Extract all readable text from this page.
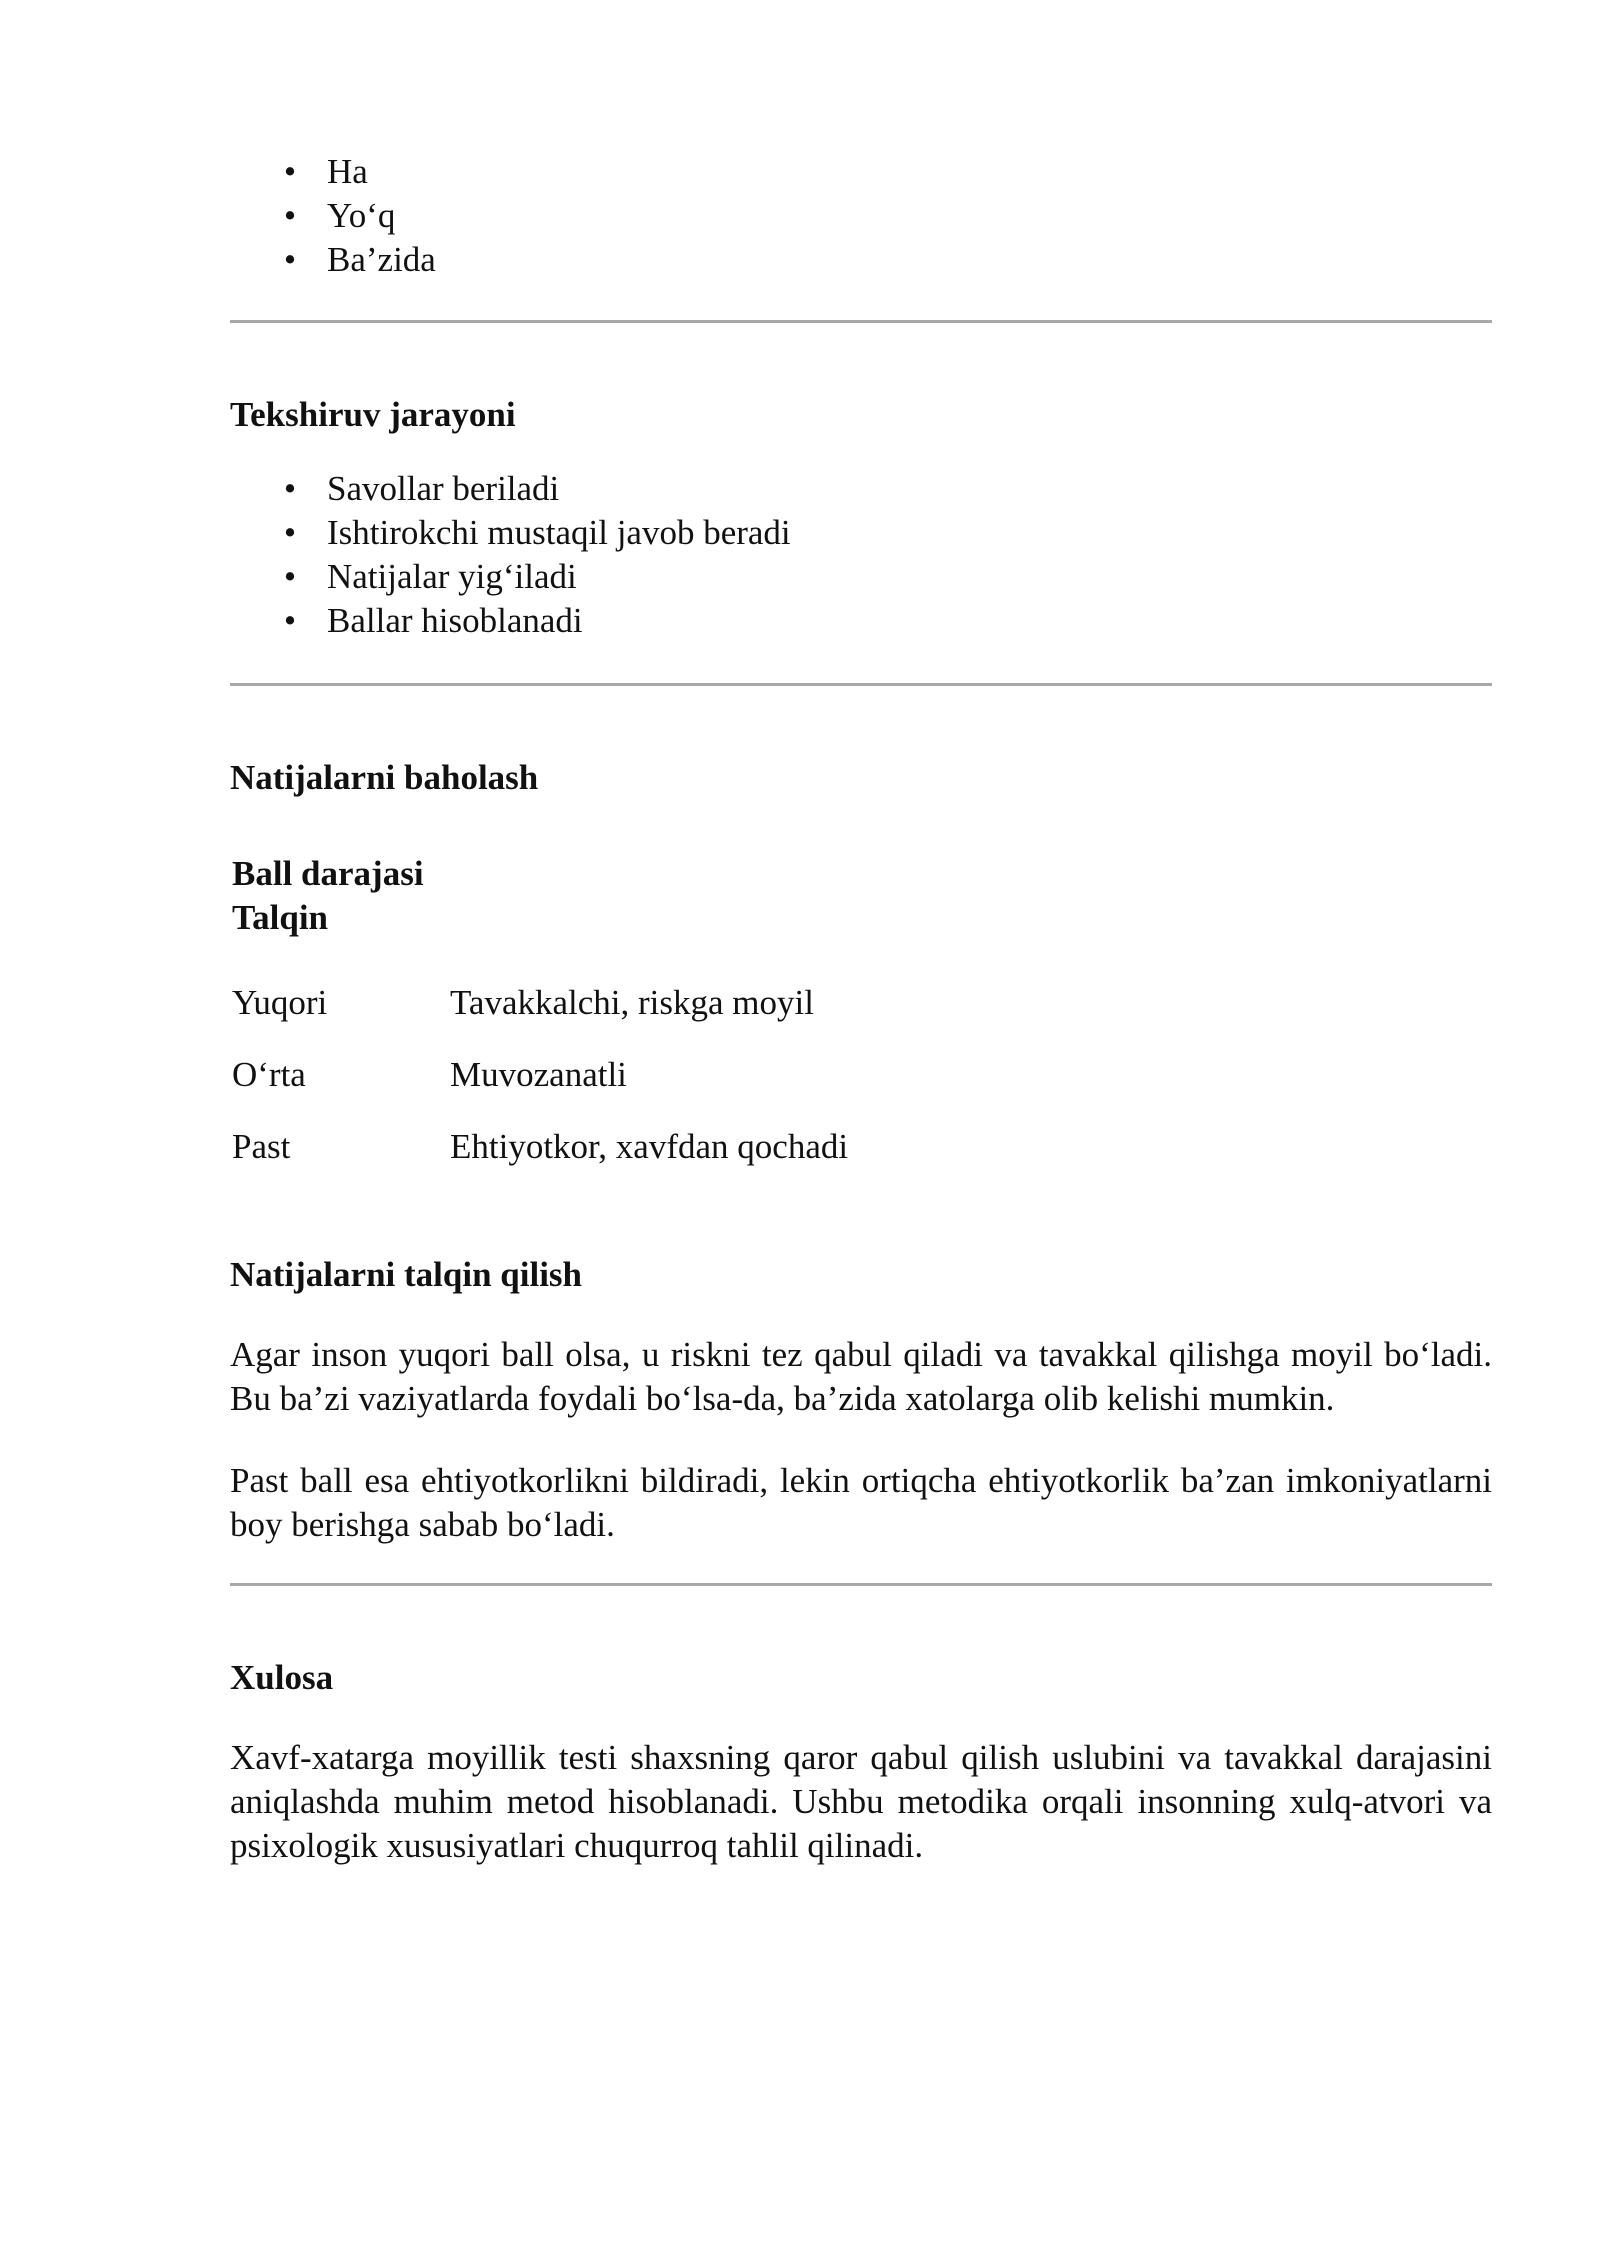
• Ha
• Yo‘q
• Ba’zida
Tekshiruv jarayoni
• Savollar beriladi
• Ishtirokchi mustaqil javob beradi
• Natijalar yig‘iladi
• Ballar hisoblanadi
Natijalarni baholash
Ball darajasi Talqin	
Yuqori	Tavakkalchi, riskga moyil
O‘rta	Muvozanatli
Past	Ehtiyotkor, xavfdan qochadi
Natijalarni talqin qilish

Agar inson yuqori ball olsa, u riskni tez qabul qiladi va tavakkal qilishga moyil bo‘ladi. Bu ba’zi vaziyatlarda foydali bo‘lsa-da, ba’zida xatolarga olib kelishi mumkin.

Past ball esa ehtiyotkorlikni bildiradi, lekin ortiqcha ehtiyotkorlik ba’zan imkoniyatlarni boy berishga sabab bo‘ladi.

Xulosa

Xavf-xatarga moyillik testi shaxsning qaror qabul qilish uslubini va tavakkal darajasini aniqlashda muhim metod hisoblanadi. Ushbu metodika orqali insonning xulq-atvori va psixologik xususiyatlari chuqurroq tahlil qilinadi.
